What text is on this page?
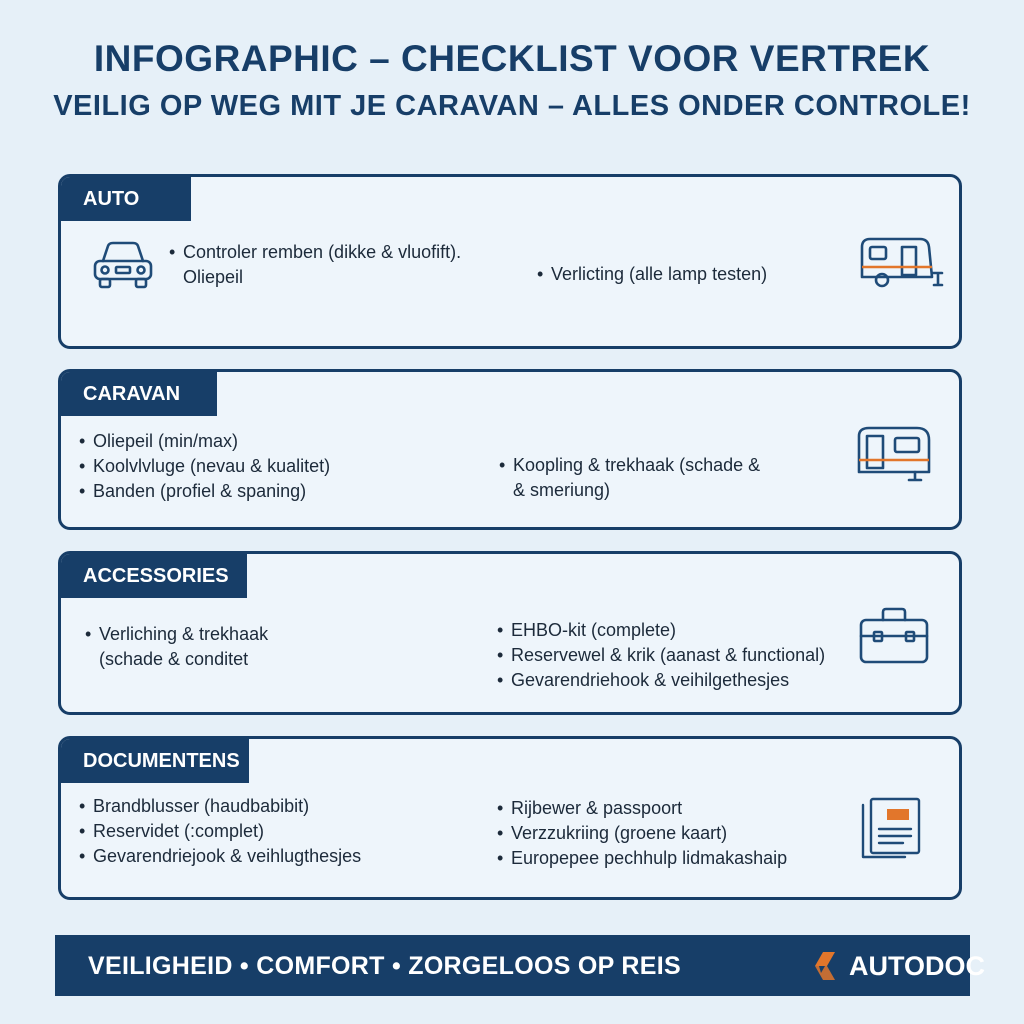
INFOGRAPHIC – CHECKLIST VOOR VERTREK
VEILIG OP WEG MIT JE CARAVAN – ALLES ONDER CONTROLE!
AUTO
• Controler remben (dikke & vluofift).
Oliepeil
•	Verlicting (alle lamp testen)
CARAVAN
• Oliepeil (min/max)
• Koolvlvluge (nevau & kualitet)
• Banden (profiel & spaning)
• Koopling & trekhaak (schade &
& smeriung)
ACCESSORIES
• Verliching & trekhaak
(schade & conditet
• EHBO-kit (complete)
• Reservewel & krik (aanast & functional)
• Gevarendriehook & veihilgethesjes
DOCUMENTENS
• Brandblusser (haudbabibit)
• Reservidet (:complet)
• Gevarendriejook & veihlugthesjes
• Rijbewer & passpoort
• Verzzukriing (groene kaart)
• Europepee pechhulp lidmakashaip
VEILIGHEID • COMFORT • ZORGELOOS OP REIS	AUTODOC
